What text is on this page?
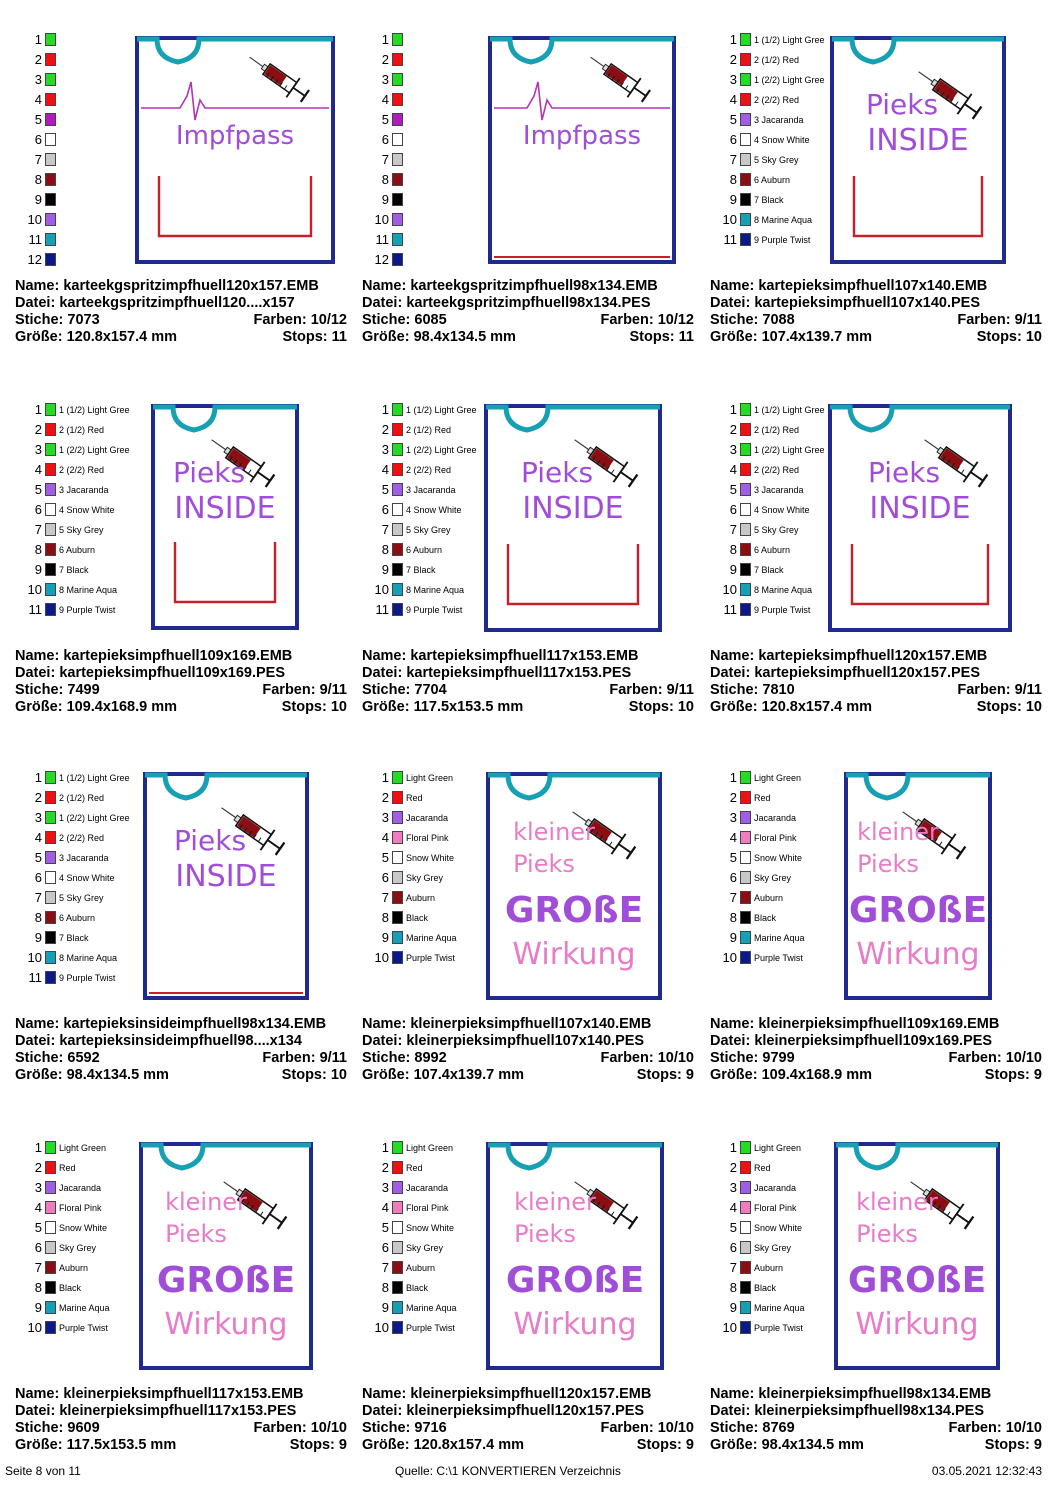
1
2
3
4
5
6
7
8
9
10
11
12
Impfpass
Name: karteekgspritzimpfhuell120x157.EMB
Datei: karteekgspritzimpfhuell120....x157
Stiche: 7073	Farben: 10/12
Größe: 120.8x157.4 mm	Stops: 11
1
2
3
4
5
6
7
8
9
10
11
12
Impfpass
Name: karteekgspritzimpfhuell98x134.EMB
Datei: karteekgspritzimpfhuell98x134.PES
Stiche: 6085	Farben: 10/12
Größe: 98.4x134.5 mm	Stops: 11
1 1 (1/2) Light Gree
2 2 (1/2) Red
3 1 (2/2) Light Gree
4 2 (2/2) Red
5 3 Jacaranda
6 4 Snow White
7 5 Sky Grey
8 6 Auburn
9 7 Black
10 8 Marine Aqua
11 9 Purple Twist
Pieks
INSIDE
Name: kartepieksimpfhuell107x140.EMB
Datei: kartepieksimpfhuell107x140.PES
Stiche: 7088	Farben: 9/11
Größe: 107.4x139.7 mm	Stops: 10
1 1 (1/2) Light Gree
2 2 (1/2) Red
3 1 (2/2) Light Gree
4 2 (2/2) Red
5 3 Jacaranda
6 4 Snow White
7 5 Sky Grey
8 6 Auburn
9 7 Black
10 8 Marine Aqua
11 9 Purple Twist
Pieks
INSIDE
Name: kartepieksimpfhuell109x169.EMB
Datei: kartepieksimpfhuell109x169.PES
Stiche: 7499	Farben: 9/11
Größe: 109.4x168.9 mm	Stops: 10
1 1 (1/2) Light Gree
2 2 (1/2) Red
3 1 (2/2) Light Gree
4 2 (2/2) Red
5 3 Jacaranda
6 4 Snow White
7 5 Sky Grey
8 6 Auburn
9 7 Black
10 8 Marine Aqua
11 9 Purple Twist
Pieks
INSIDE
Name: kartepieksimpfhuell117x153.EMB
Datei: kartepieksimpfhuell117x153.PES
Stiche: 7704	Farben: 9/11
Größe: 117.5x153.5 mm	Stops: 10
1 1 (1/2) Light Gree
2 2 (1/2) Red
3 1 (2/2) Light Gree
4 2 (2/2) Red
5 3 Jacaranda
6 4 Snow White
7 5 Sky Grey
8 6 Auburn
9 7 Black
10 8 Marine Aqua
11 9 Purple Twist
Pieks
INSIDE
Name: kartepieksimpfhuell120x157.EMB
Datei: kartepieksimpfhuell120x157.PES
Stiche: 7810	Farben: 9/11
Größe: 120.8x157.4 mm	Stops: 10
1 1 (1/2) Light Gree
2 2 (1/2) Red
3 1 (2/2) Light Gree
4 2 (2/2) Red
5 3 Jacaranda
6 4 Snow White
7 5 Sky Grey
8 6 Auburn
9 7 Black
10 8 Marine Aqua
11 9 Purple Twist
Pieks
INSIDE
Name: kartepieksinsideimpfhuell98x134.EMB
Datei: kartepieksinsideimpfhuell98....x134
Stiche: 6592	Farben: 9/11
Größe: 98.4x134.5 mm	Stops: 10
1 Light Green
2 Red
3 Jacaranda
4 Floral Pink
5 Snow White
6 Sky Grey
7 Auburn
8 Black
9 Marine Aqua
10 Purple Twist
kleiner
Pieks
GROßE
Wirkung
Name: kleinerpieksimpfhuell107x140.EMB
Datei: kleinerpieksimpfhuell107x140.PES
Stiche: 8992	Farben: 10/10
Größe: 107.4x139.7 mm	Stops: 9
1 Light Green
2 Red
3 Jacaranda
4 Floral Pink
5 Snow White
6 Sky Grey
7 Auburn
8 Black
9 Marine Aqua
10 Purple Twist
kleiner
Pieks
GROßE
Wirkung
Name: kleinerpieksimpfhuell109x169.EMB
Datei: kleinerpieksimpfhuell109x169.PES
Stiche: 9799	Farben: 10/10
Größe: 109.4x168.9 mm	Stops: 9
1 Light Green
2 Red
3 Jacaranda
4 Floral Pink
5 Snow White
6 Sky Grey
7 Auburn
8 Black
9 Marine Aqua
10 Purple Twist
kleiner
Pieks
GROßE
Wirkung
Name: kleinerpieksimpfhuell117x153.EMB
Datei: kleinerpieksimpfhuell117x153.PES
Stiche: 9609	Farben: 10/10
Größe: 117.5x153.5 mm	Stops: 9
1 Light Green
2 Red
3 Jacaranda
4 Floral Pink
5 Snow White
6 Sky Grey
7 Auburn
8 Black
9 Marine Aqua
10 Purple Twist
kleiner
Pieks
GROßE
Wirkung
Name: kleinerpieksimpfhuell120x157.EMB
Datei: kleinerpieksimpfhuell120x157.PES
Stiche: 9716	Farben: 10/10
Größe: 120.8x157.4 mm	Stops: 9
1 Light Green
2 Red
3 Jacaranda
4 Floral Pink
5 Snow White
6 Sky Grey
7 Auburn
8 Black
9 Marine Aqua
10 Purple Twist
kleiner
Pieks
GROßE
Wirkung
Name: kleinerpieksimpfhuell98x134.EMB
Datei: kleinerpieksimpfhuell98x134.PES
Stiche: 8769	Farben: 10/10
Größe: 98.4x134.5 mm	Stops: 9
Seite 8 von 11	Quelle: C:\1 KONVERTIEREN Verzeichnis	03.05.2021 12:32:43
